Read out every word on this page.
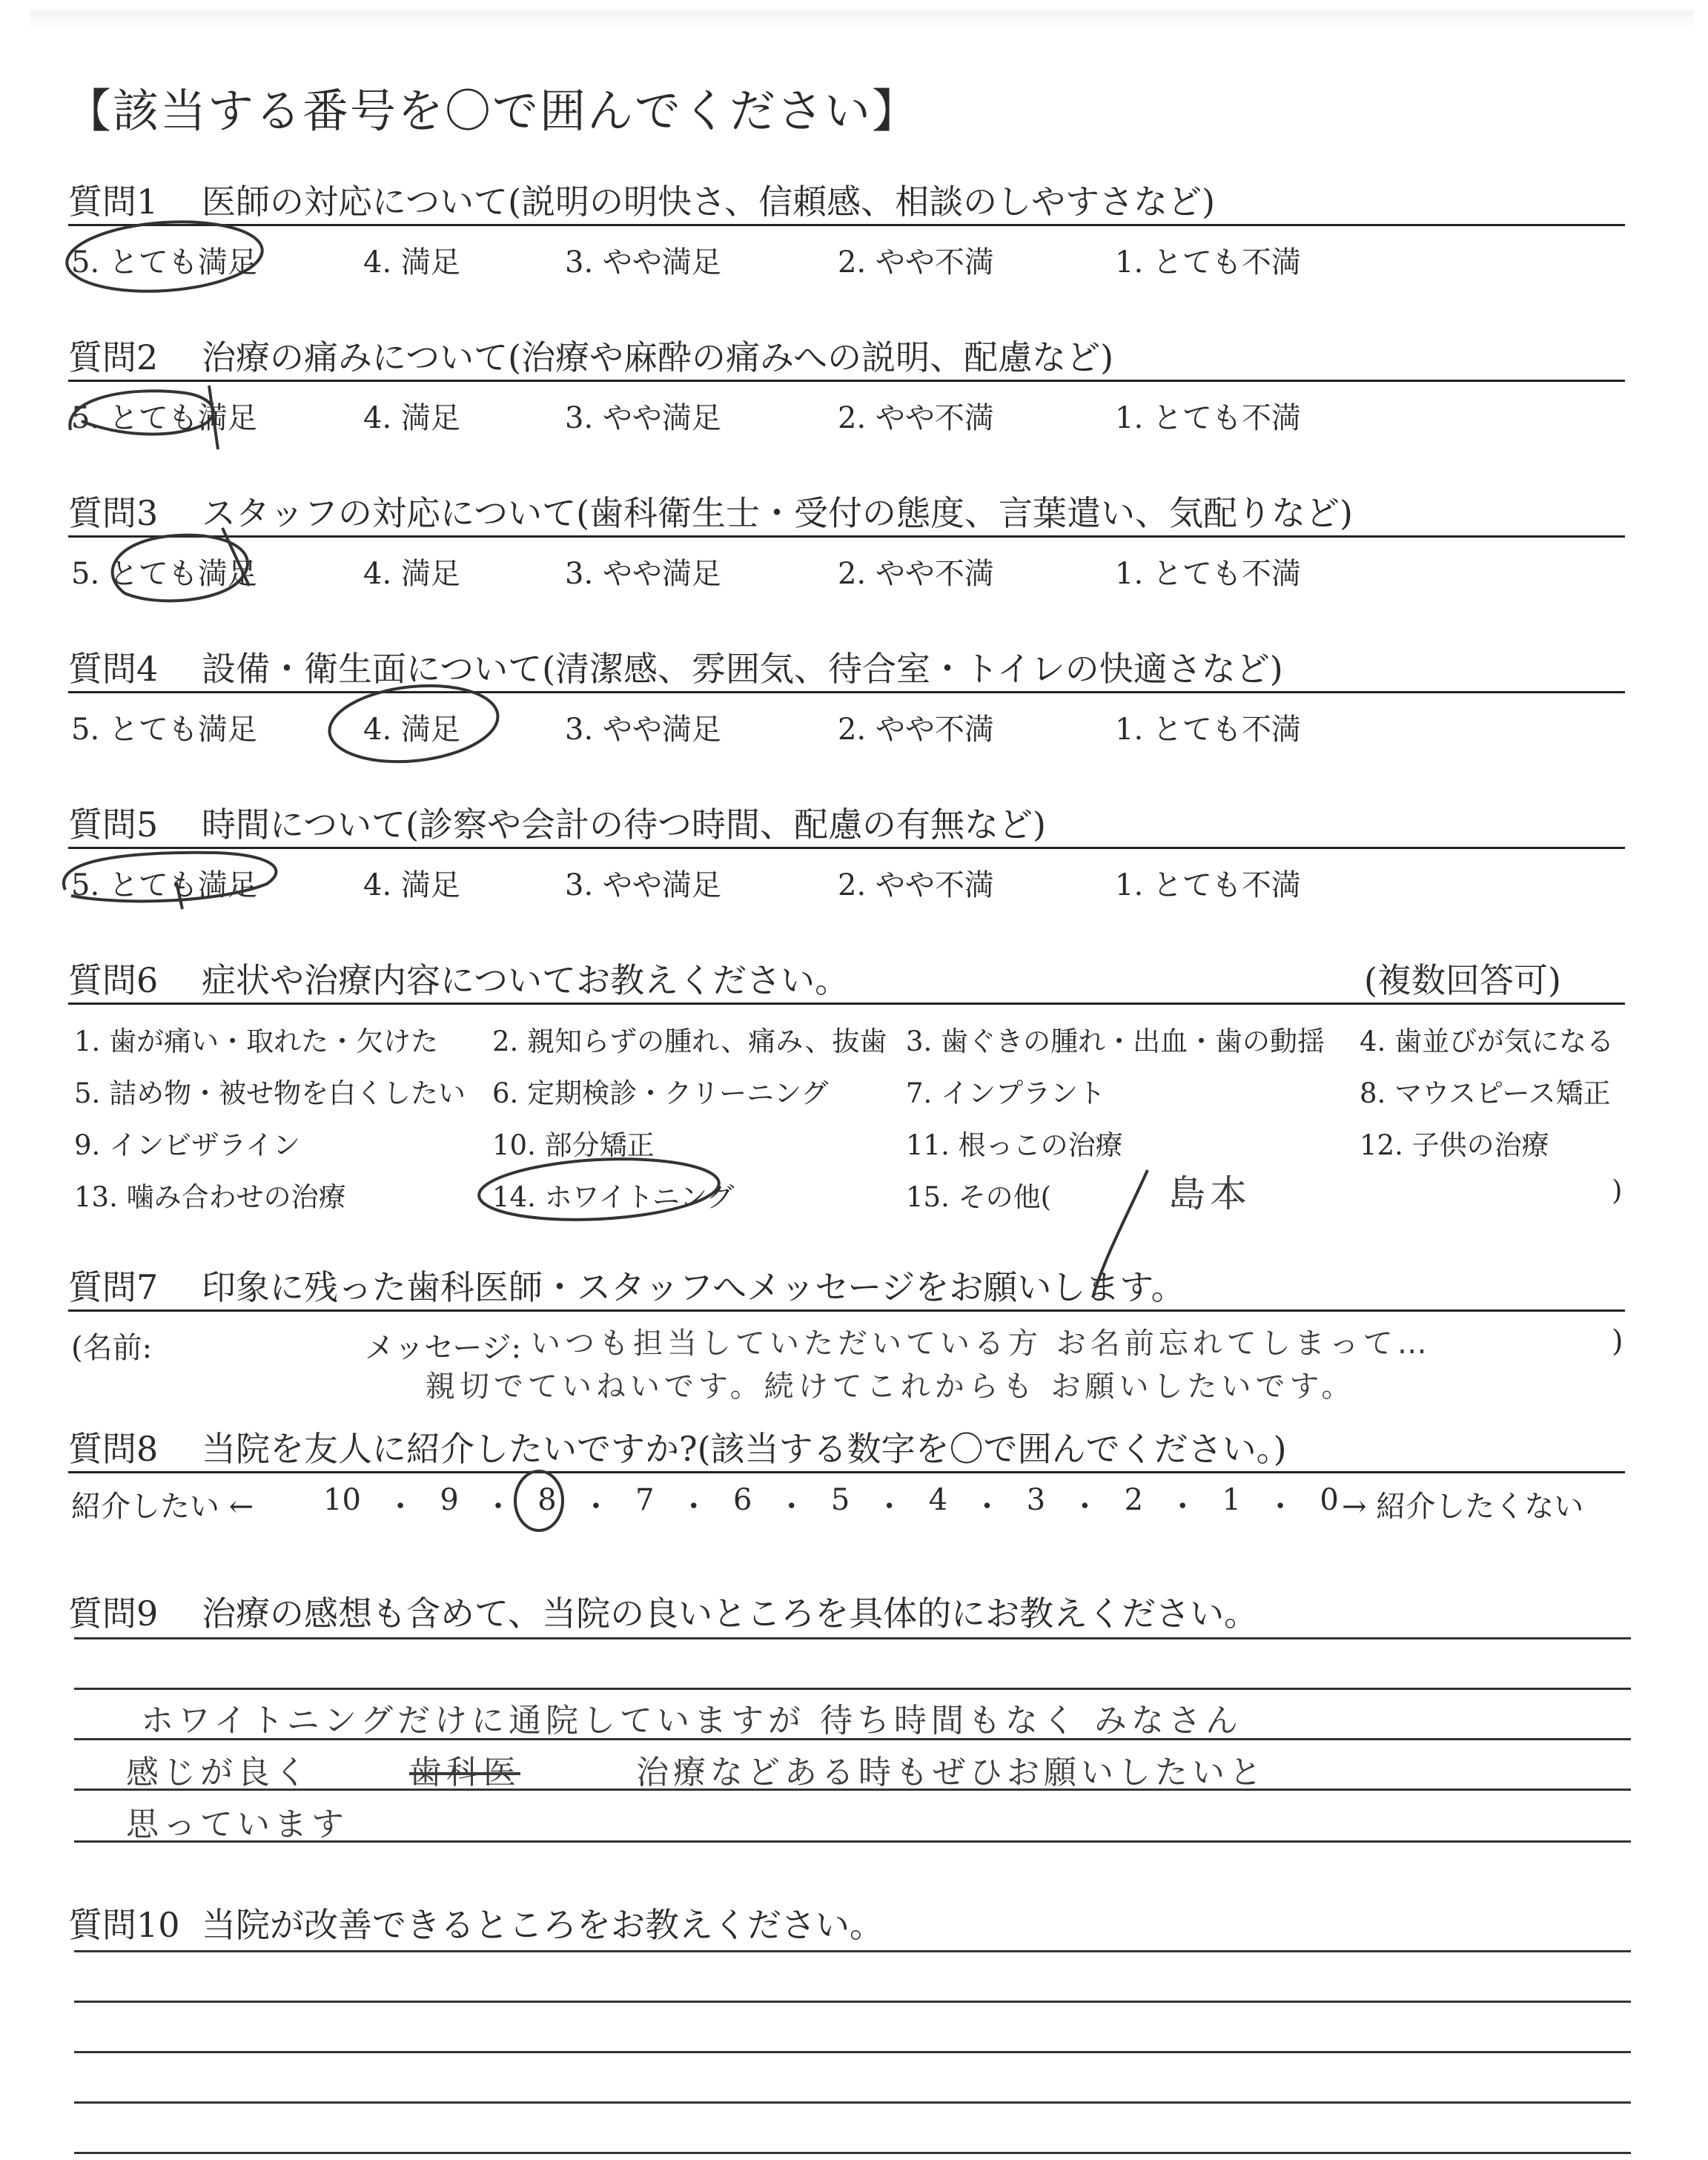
【該当する番号を〇で囲んでください】
質問1 医師の対応について(説明の明快さ、信頼感、相談のしやすさなど)
5. とても満足	4. 満足	3. やや満足	2. やや不満	1. とても不満
質問2 治療の痛みについて(治療や麻酔の痛みへの説明、配慮など)
5. とても満足	4. 満足	3. やや満足	2. やや不満	1. とても不満
質問3 スタッフの対応について(歯科衛生士・受付の態度、言葉遣い、気配りなど)
5. とても満足	4. 満足	3. やや満足	2. やや不満	1. とても不満
質問4 設備・衛生面について(清潔感、雰囲気、待合室・トイレの快適さなど)
5. とても満足	4. 満足	3. やや満足	2. やや不満	1. とても不満
質問5 時間について(診察や会計の待つ時間、配慮の有無など)
5. とても満足	4. 満足	3. やや満足	2. やや不満	1. とても不満
質問6 症状や治療内容についてお教えください。	(複数回答可)
1. 歯が痛い・取れた・欠けた 2. 親知らずの腫れ、痛み、抜歯 3. 歯ぐきの腫れ・出血・歯の動揺 4. 歯並びが気になる
5. 詰め物・被せ物を白くしたい 6. 定期検診・クリーニング	7. インプラント	8. マウスピース矯正
9. インビザライン	10. 部分矯正	11. 根っこの治療	12. 子供の治療
13. 噛み合わせの治療	14. ホワイトニング	15. その他(	)
島本
質問7 印象に残った歯科医師・スタッフへメッセージをお願いします。
(名前:	メッセージ:	)
いつも担当していただいている方 お名前忘れてしまって…
親切でていねいです。続けてこれからも お願いしたいです。
質問8 当院を友人に紹介したいですか?(該当する数字を〇で囲んでください。)
紹介したい ←	→ 紹介したくない
10 ・ 9 ・ 8 ・ 7 ・ 6 ・ 5 ・ 4 ・ 3 ・ 2 ・ 1 ・ 0
質問9 治療の感想も含めて、当院の良いところを具体的にお教えください。
ホワイトニングだけに通院していますが 待ち時間もなく みなさん
感じが良く	歯科医	治療などある時もぜひお願いしたいと
思っています
質問10 当院が改善できるところをお教えください。
